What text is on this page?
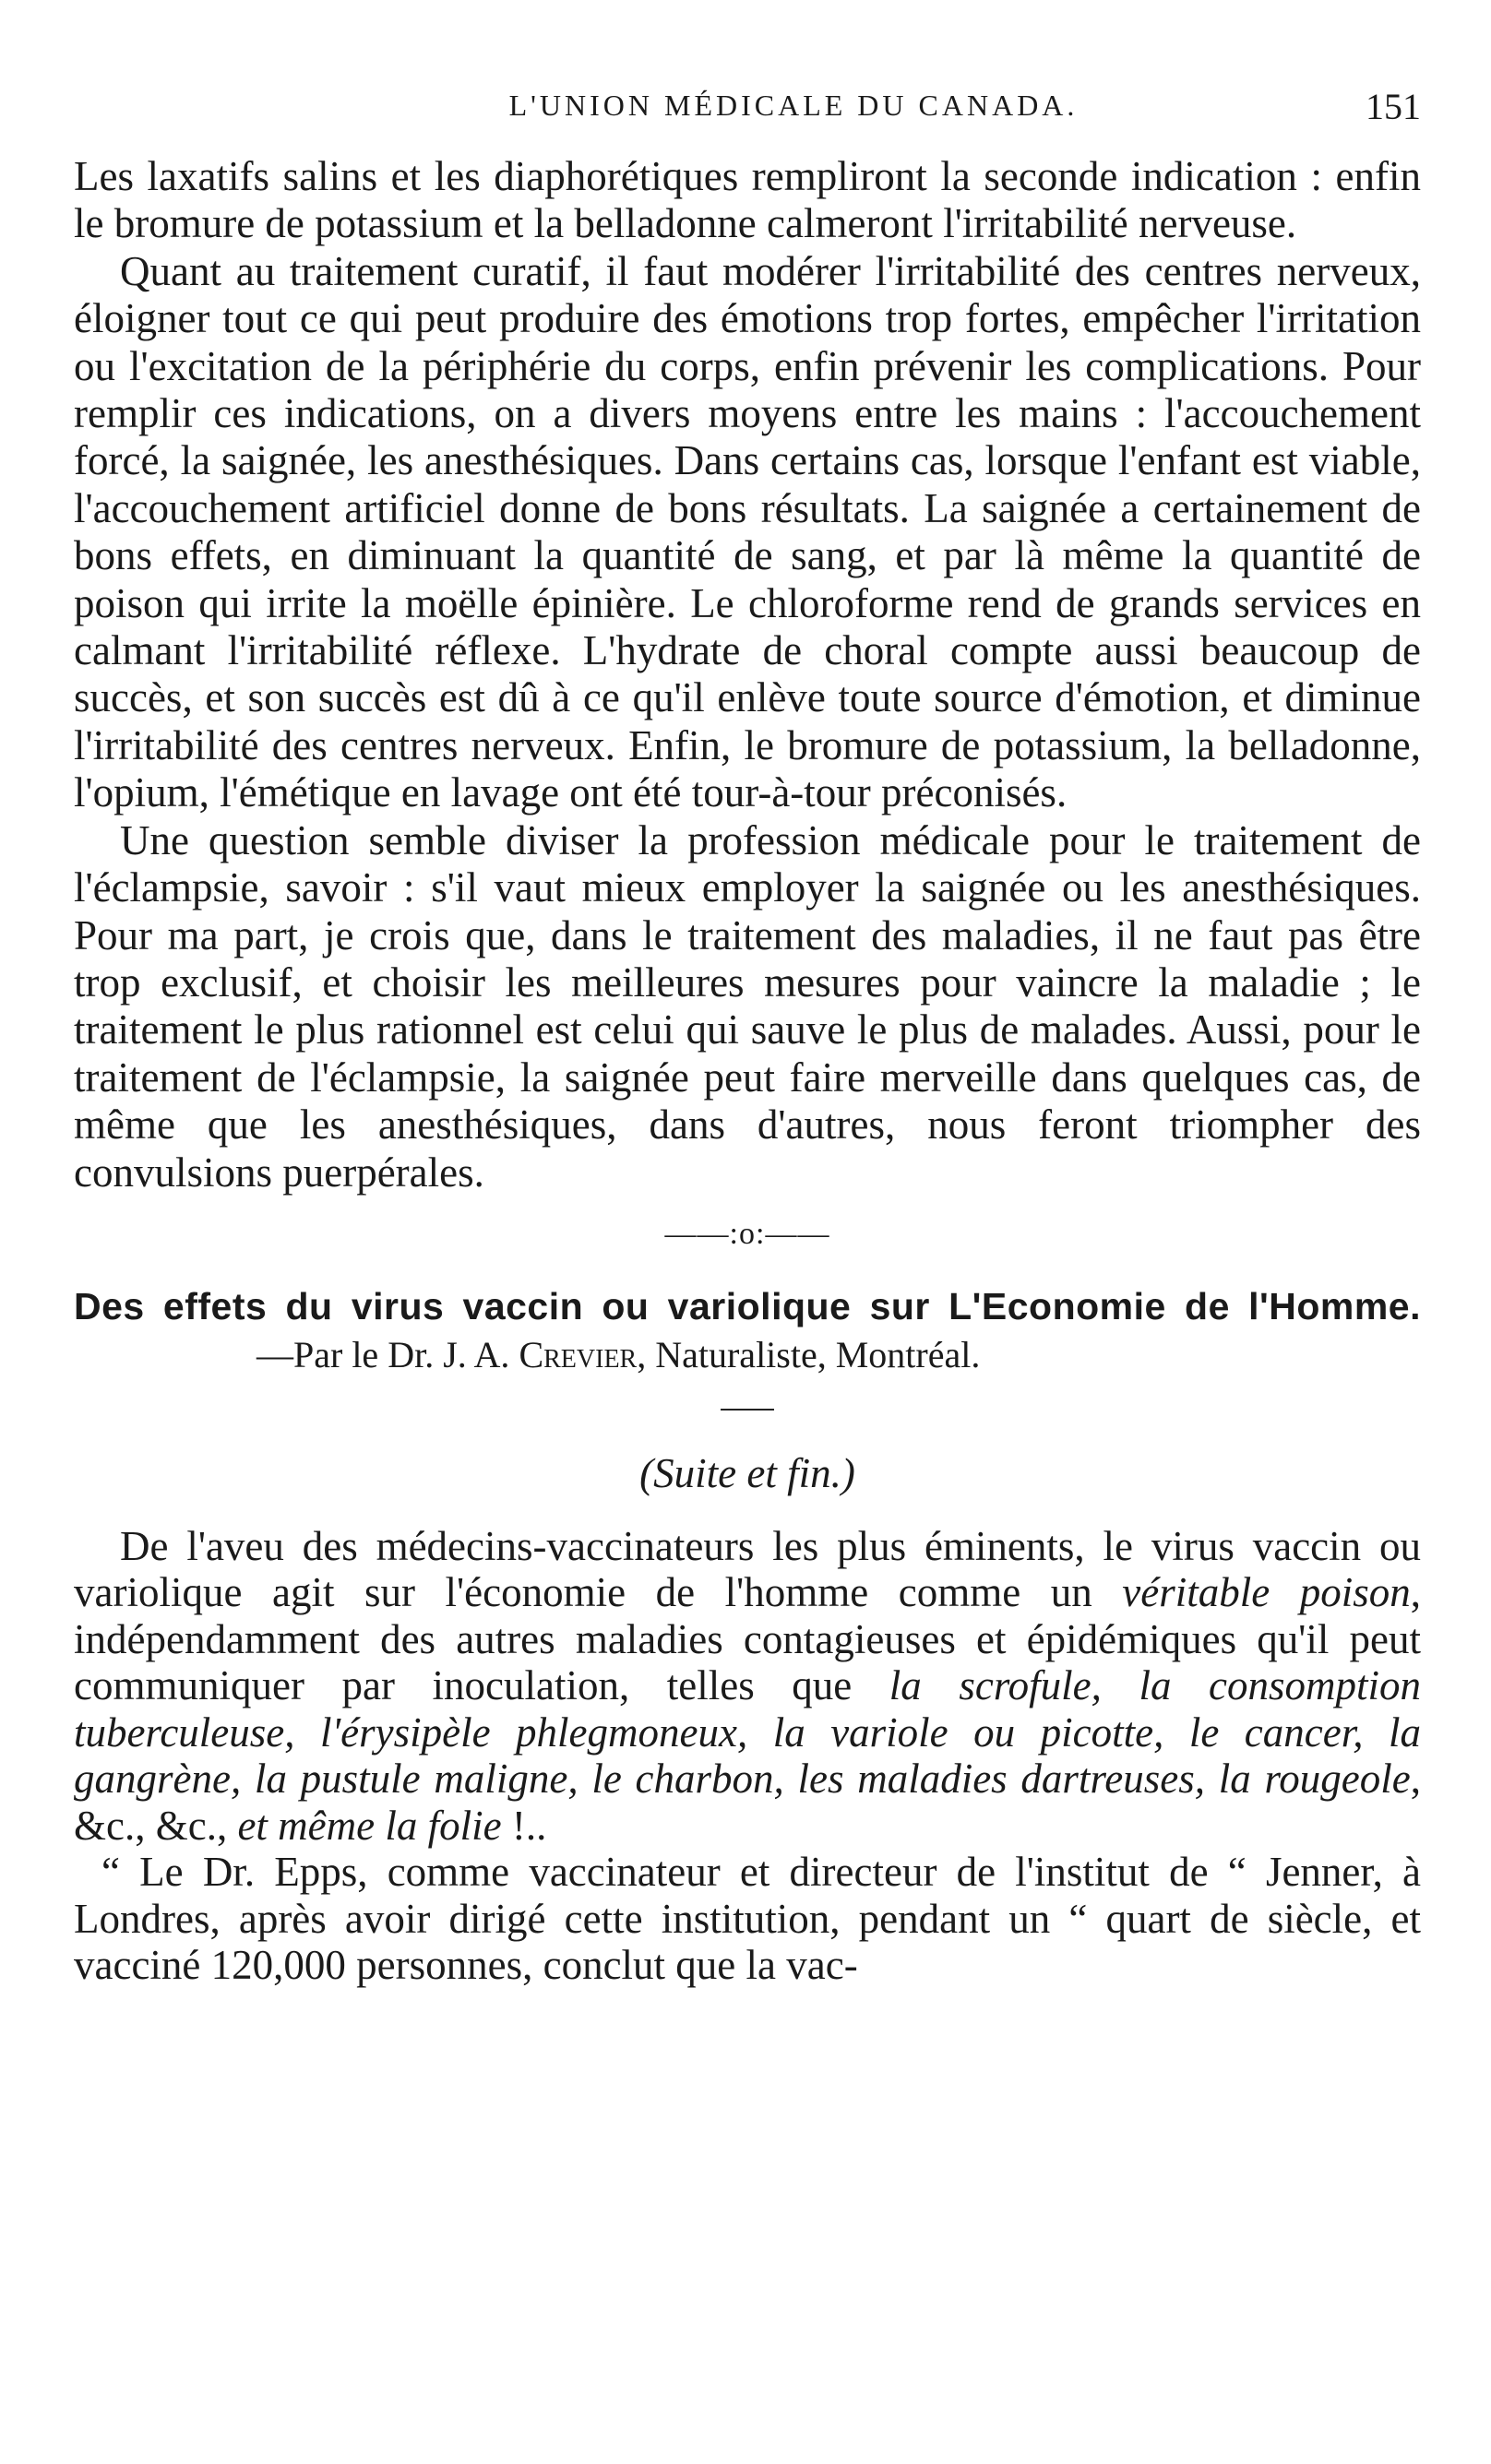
L'UNION MÉDICALE DU CANADA.	151

Les laxatifs salins et les diaphorétiques rempliront la seconde indication : enfin le bromure de potassium et la belladonne calmeront l'irritabilité nerveuse.

Quant au traitement curatif, il faut modérer l'irritabilité des centres nerveux, éloigner tout ce qui peut produire des émotions trop fortes, empêcher l'irritation ou l'excitation de la périphérie du corps, enfin prévenir les complications. Pour remplir ces indications, on a divers moyens entre les mains : l'accouchement forcé, la saignée, les anesthésiques. Dans certains cas, lorsque l'enfant est viable, l'accouchement artificiel donne de bons résultats. La saignée a certainement de bons effets, en diminuant la quantité de sang, et par là même la quantité de poison qui irrite la moëlle épinière. Le chloroforme rend de grands services en calmant l'irritabilité réflexe. L'hydrate de choral compte aussi beaucoup de succès, et son succès est dû à ce qu'il enlève toute source d'émotion, et diminue l'irritabilité des centres nerveux. Enfin, le bromure de potassium, la belladonne, l'opium, l'émétique en lavage ont été tour-à-tour préconisés.

Une question semble diviser la profession médicale pour le traitement de l'éclampsie, savoir : s'il vaut mieux employer la saignée ou les anesthésiques. Pour ma part, je crois que, dans le traitement des maladies, il ne faut pas être trop exclusif, et choisir les meilleures mesures pour vaincre la maladie ; le traitement le plus rationnel est celui qui sauve le plus de malades. Aussi, pour le traitement de l'éclampsie, la saignée peut faire merveille dans quelques cas, de même que les anesthésiques, dans d'autres, nous feront triompher des convulsions puerpérales.

——:o:——

Des effets du virus vaccin ou variolique sur L'Economie de l'Homme.

—Par le Dr. J. A. Crevier, Naturaliste, Montréal.

(Suite et fin.)

De l'aveu des médecins-vaccinateurs les plus éminents, le virus vaccin ou variolique agit sur l'économie de l'homme comme un véritable poison, indépendamment des autres maladies contagieuses et épidémiques qu'il peut communiquer par inoculation, telles que la scrofule, la consomption tuberculeuse, l'érysipèle phlegmoneux, la variole ou picotte, le cancer, la gangrène, la pustule maligne, le charbon, les maladies dartreuses, la rougeole, &c., &c., et même la folie !..

“ Le Dr. Epps, comme vaccinateur et directeur de l'institut de “ Jenner, à Londres, après avoir dirigé cette institution, pendant un “ quart de siècle, et vacciné 120,000 personnes, conclut que la vac-
